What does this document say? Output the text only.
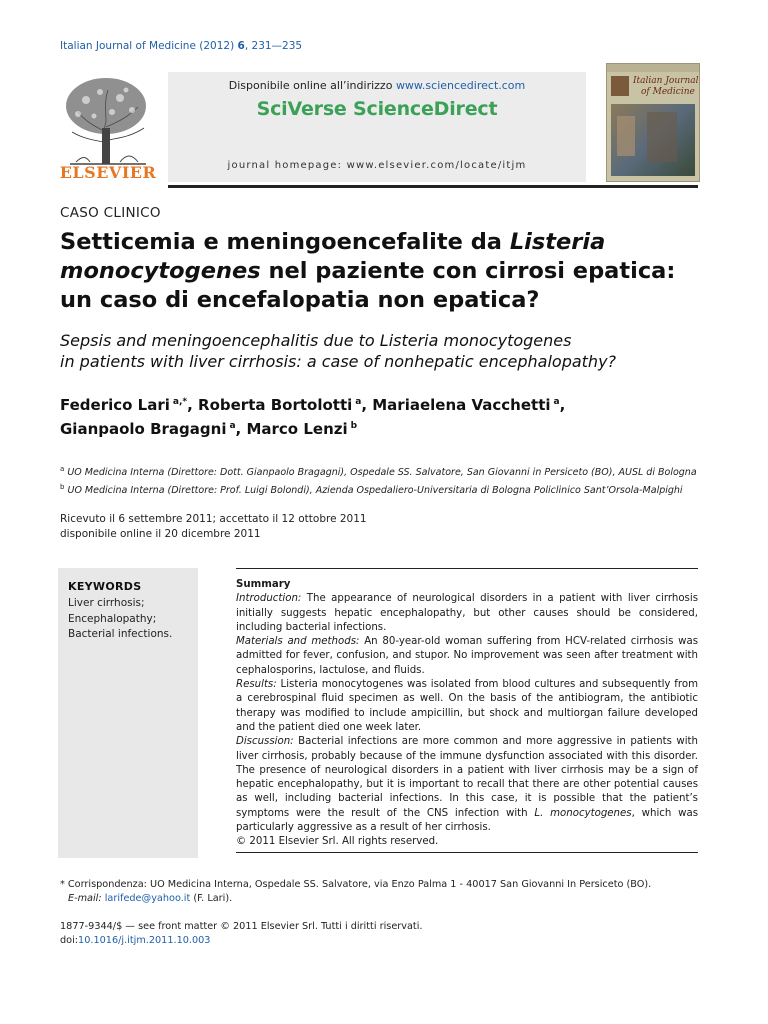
Italian Journal of Medicine (2012) 6, 231—235
ELSEVIER
Disponibile online all’indirizzo www.sciencedirect.com
SciVerse ScienceDirect
journal homepage: www.elsevier.com/locate/itjm
Italian Journal
of Medicine
CASO CLINICO
Setticemia e meningoencefalite da Listeria
monocytogenes nel paziente con cirrosi epatica:
un caso di encefalopatia non epatica?
Sepsis and meningoencephalitis due to Listeria monocytogenes
in patients with liver cirrhosis: a case of nonhepatic encephalopathy?
Federico Lari $^{a,*}$, Roberta Bortolotti $^a$, Mariaelena Vacchetti $^a$,
Gianpaolo Bragagni $^a$, Marco Lenzi $^b$
$^a$ UO Medicina Interna (Direttore: Dott. Gianpaolo Bragagni), Ospedale SS. Salvatore, San Giovanni in Persiceto (BO), AUSL di Bologna
$^b$ UO Medicina Interna (Direttore: Prof. Luigi Bolondi), Azienda Ospedaliero-Universitaria di Bologna Policlinico Sant’Orsola-Malpighi
Ricevuto il 6 settembre 2011; accettato il 12 ottobre 2011
disponibile online il 20 dicembre 2011
KEYWORDS
Liver cirrhosis;
Encephalopathy;
Bacterial infections.

Summary

Introduction: The appearance of neurological disorders in a patient with liver cirrhosis initially suggests hepatic encephalopathy, but other causes should be considered, including bacterial infections.

Materials and methods: An 80-year-old woman suffering from HCV-related cirrhosis was admitted for fever, confusion, and stupor. No improvement was seen after treatment with cephalosporins, lactulose, and fluids.

Results: Listeria monocytogenes was isolated from blood cultures and subsequently from a cerebrospinal fluid specimen as well. On the basis of the antibiogram, the antibiotic therapy was modified to include ampicillin, but shock and multiorgan failure developed and the patient died one week later.

Discussion: Bacterial infections are more common and more aggressive in patients with liver cirrhosis, probably because of the immune dysfunction associated with this disorder. The presence of neurological disorders in a patient with liver cirrhosis may be a sign of hepatic encephalopathy, but it is important to recall that there are other potential causes as well, including bacterial infections. In this case, it is possible that the patient’s symptoms were the result of the CNS infection with L. monocytogenes, which was particularly aggressive as a result of her cirrhosis.

© 2011 Elsevier Srl. All rights reserved.

* Corrispondenza: UO Medicina Interna, Ospedale SS. Salvatore, via Enzo Palma 1 - 40017 San Giovanni In Persiceto (BO).
E-mail: larifede@yahoo.it (F. Lari).
1877-9344/$ — see front matter © 2011 Elsevier Srl. Tutti i diritti riservati.
doi:10.1016/j.itjm.2011.10.003
